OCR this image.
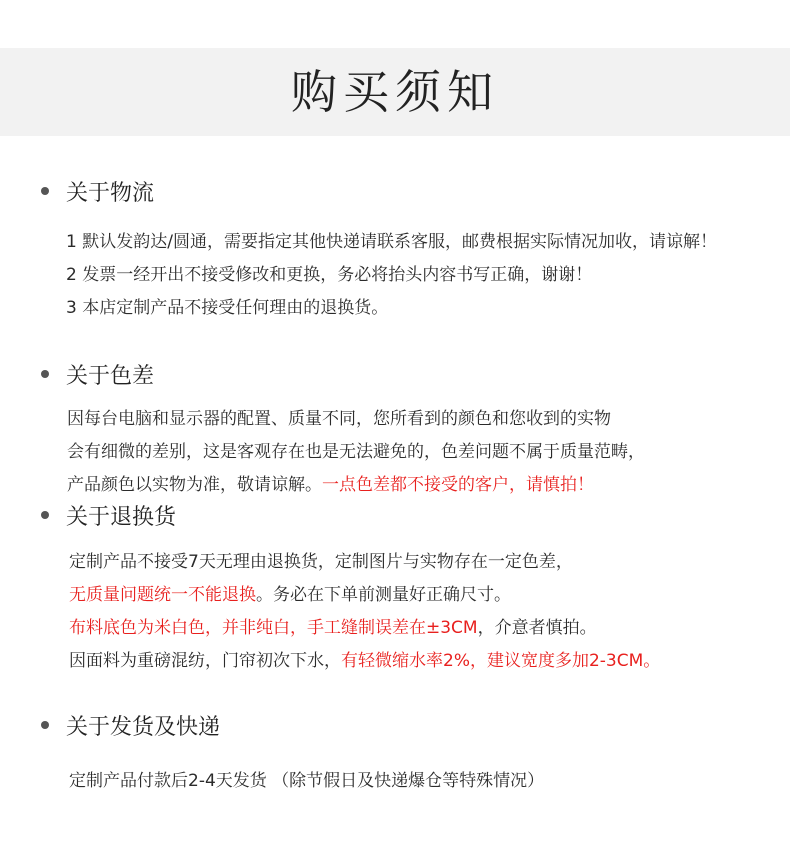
购买须知
关于物流
1 默认发韵达/圆通，需要指定其他快递请联系客服，邮费根据实际情况加收，请谅解！
2 发票一经开出不接受修改和更换，务必将抬头内容书写正确，谢谢！
3 本店定制产品不接受任何理由的退换货。
关于色差
因每台电脑和显示器的配置、质量不同，您所看到的颜色和您收到的实物
会有细微的差别，这是客观存在也是无法避免的，色差问题不属于质量范畴，
产品颜色以实物为准，敬请谅解。一点色差都不接受的客户，请慎拍！
关于退换货
定制产品不接受7天无理由退换货，定制图片与实物存在一定色差，
无质量问题统一不能退换。务必在下单前测量好正确尺寸。
布料底色为米白色，并非纯白，手工缝制误差在±3CM，介意者慎拍。
因面料为重磅混纺，门帘初次下水，有轻微缩水率2%，建议宽度多加2-3CM。
关于发货及快递
定制产品付款后2-4天发货 （除节假日及快递爆仓等特殊情况）
